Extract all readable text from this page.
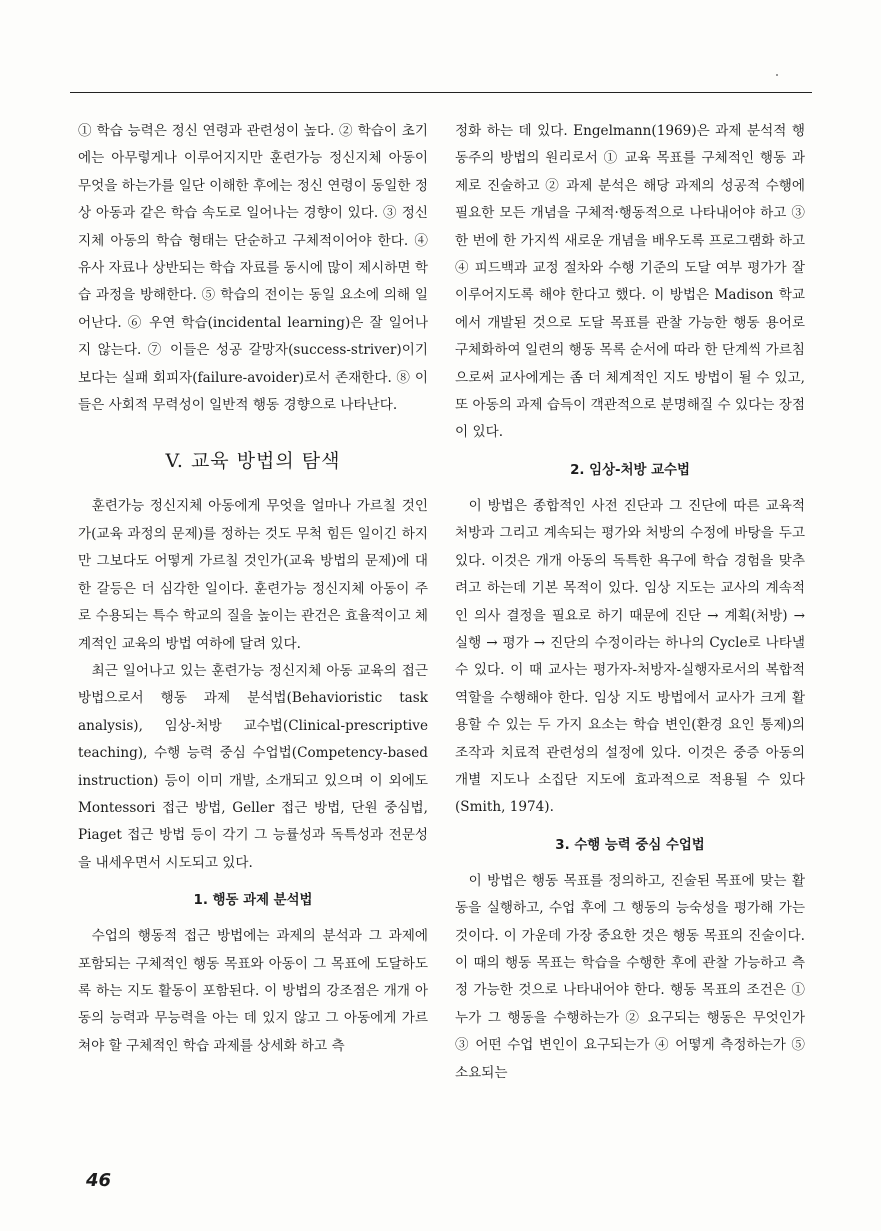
① 학습 능력은 정신 연령과 관련성이 높다. ② 학습이 초기에는 아무렇게나 이루어지지만 훈련가능 정신지체 아동이 무엇을 하는가를 일단 이해한 후에는 정신 연령이 동일한 정상 아동과 같은 학습 속도로 일어나는 경향이 있다. ③ 정신지체 아동의 학습 형태는 단순하고 구체적이어야 한다. ④ 유사 자료나 상반되는 학습 자료를 동시에 많이 제시하면 학습 과정을 방해한다. ⑤ 학습의 전이는 동일 요소에 의해 일어난다. ⑥ 우연 학습(incidental learning)은 잘 일어나지 않는다. ⑦ 이들은 성공 갈망자(success-striver)이기 보다는 실패 회피자(failure-avoider)로서 존재한다. ⑧ 이들은 사회적 무력성이 일반적 행동 경향으로 나타난다.

V. 교육 방법의 탐색

훈련가능 정신지체 아동에게 무엇을 얼마나 가르칠 것인가(교육 과정의 문제)를 정하는 것도 무척 힘든 일이긴 하지만 그보다도 어떻게 가르칠 것인가(교육 방법의 문제)에 대한 갈등은 더 심각한 일이다. 훈련가능 정신지체 아동이 주로 수용되는 특수 학교의 질을 높이는 관건은 효율적이고 체계적인 교육의 방법 여하에 달려 있다.

최근 일어나고 있는 훈련가능 정신지체 아동 교육의 접근 방법으로서 행동 과제 분석법(Behavioristic task analysis), 임상-처방 교수법(Clinical-prescriptive teaching), 수행 능력 중심 수업법(Competency-based instruction) 등이 이미 개발, 소개되고 있으며 이 외에도 Montessori 접근 방법, Geller 접근 방법, 단원 중심법, Piaget 접근 방법 등이 각기 그 능률성과 독특성과 전문성을 내세우면서 시도되고 있다.

1. 행동 과제 분석법

수업의 행동적 접근 방법에는 과제의 분석과 그 과제에 포함되는 구체적인 행동 목표와 아동이 그 목표에 도달하도록 하는 지도 활동이 포함된다. 이 방법의 강조점은 개개 아동의 능력과 무능력을 아는 데 있지 않고 그 아동에게 가르쳐야 할 구체적인 학습 과제를 상세화 하고 측

정화 하는 데 있다. Engelmann(1969)은 과제 분석적 행동주의 방법의 원리로서 ① 교육 목표를 구체적인 행동 과제로 진술하고 ② 과제 분석은 해당 과제의 성공적 수행에 필요한 모든 개념을 구체적·행동적으로 나타내어야 하고 ③ 한 번에 한 가지씩 새로운 개념을 배우도록 프로그램화 하고 ④ 피드백과 교정 절차와 수행 기준의 도달 여부 평가가 잘 이루어지도록 해야 한다고 했다. 이 방법은 Madison 학교에서 개발된 것으로 도달 목표를 관찰 가능한 행동 용어로 구체화하여 일련의 행동 목록 순서에 따라 한 단계씩 가르침으로써 교사에게는 좀 더 체계적인 지도 방법이 될 수 있고, 또 아동의 과제 습득이 객관적으로 분명해질 수 있다는 장점이 있다.

2. 임상-처방 교수법

이 방법은 종합적인 사전 진단과 그 진단에 따른 교육적 처방과 그리고 계속되는 평가와 처방의 수정에 바탕을 두고 있다. 이것은 개개 아동의 독특한 욕구에 학습 경험을 맞추려고 하는데 기본 목적이 있다. 임상 지도는 교사의 계속적인 의사 결정을 필요로 하기 때문에 진단 → 계획(처방) → 실행 → 평가 → 진단의 수정이라는 하나의 Cycle로 나타낼 수 있다. 이 때 교사는 평가자-처방자-실행자로서의 복합적 역할을 수행해야 한다. 임상 지도 방법에서 교사가 크게 활용할 수 있는 두 가지 요소는 학습 변인(환경 요인 통제)의 조작과 치료적 관련성의 설정에 있다. 이것은 중증 아동의 개별 지도나 소집단 지도에 효과적으로 적용될 수 있다(Smith, 1974).

3. 수행 능력 중심 수업법

이 방법은 행동 목표를 정의하고, 진술된 목표에 맞는 활동을 실행하고, 수업 후에 그 행동의 능숙성을 평가해 가는 것이다. 이 가운데 가장 중요한 것은 행동 목표의 진술이다. 이 때의 행동 목표는 학습을 수행한 후에 관찰 가능하고 측정 가능한 것으로 나타내어야 한다. 행동 목표의 조건은 ① 누가 그 행동을 수행하는가 ② 요구되는 행동은 무엇인가 ③ 어떤 수업 변인이 요구되는가 ④ 어떻게 측정하는가 ⑤ 소요되는

46
